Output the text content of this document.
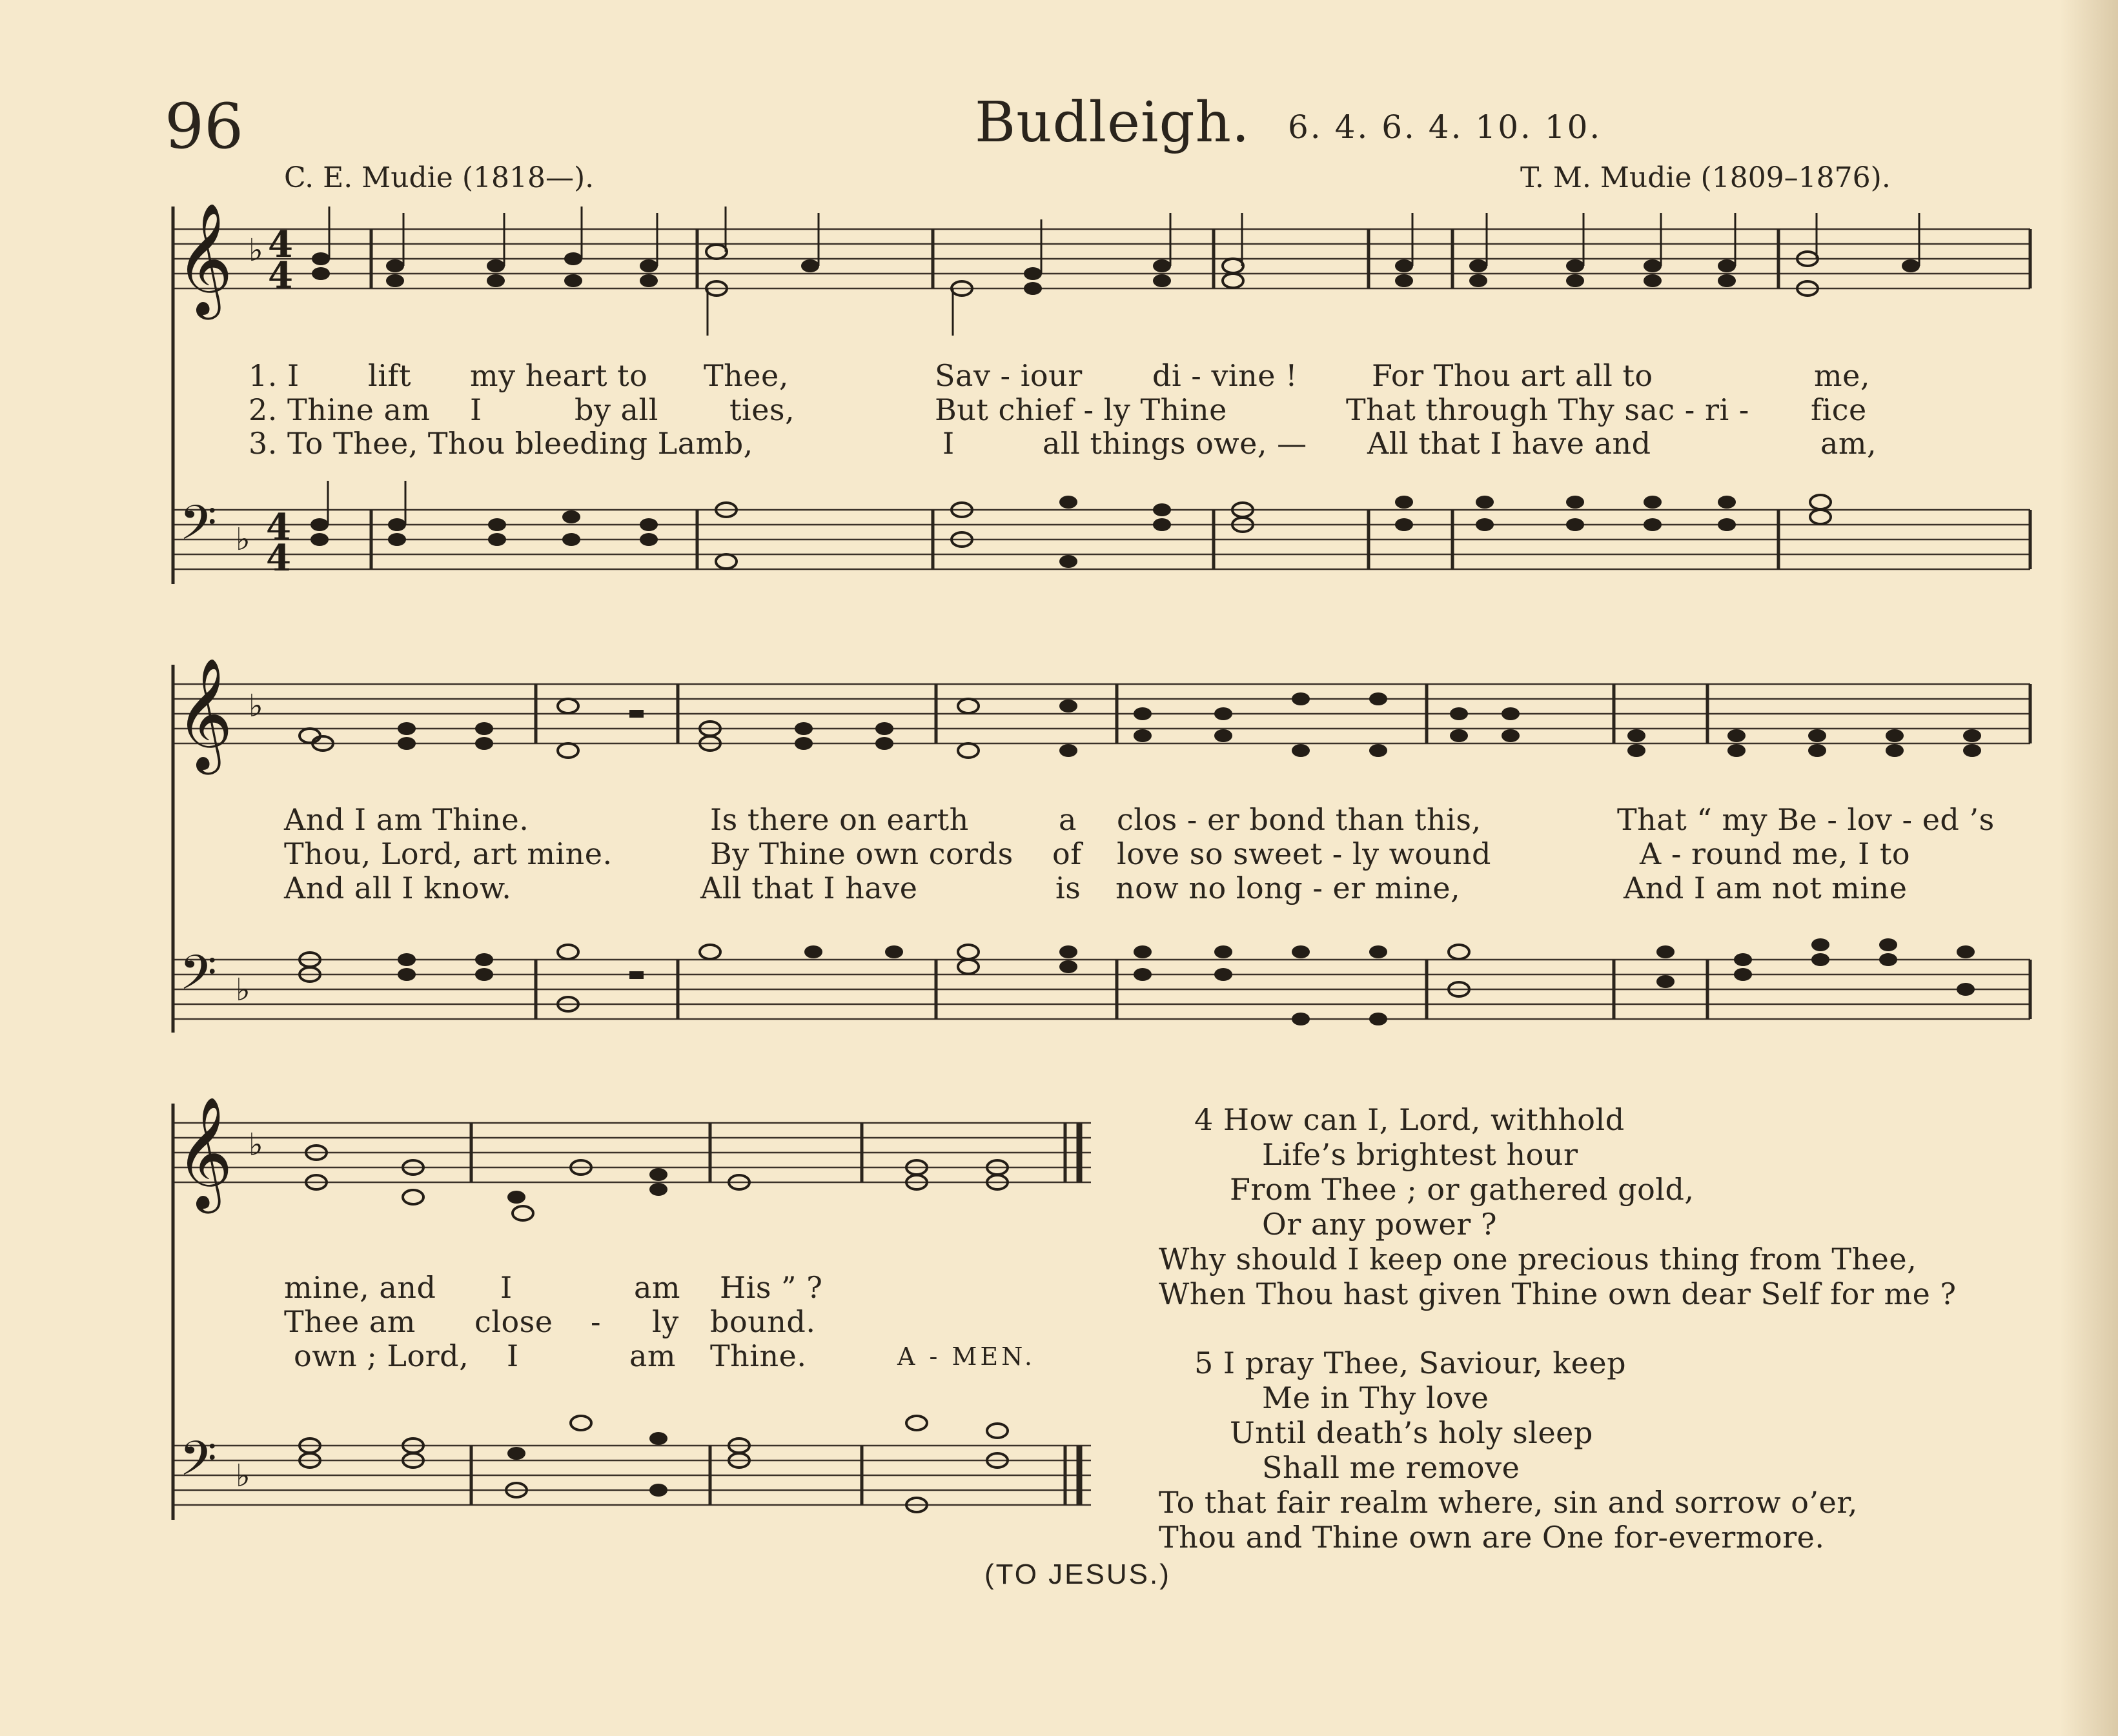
96	Budleigh. 6. 4. 6. 4. 10. 10.
C. E. Mudie (1818—).	T. M. Mudie (1809–1876).
𝄞
𝄢
♭
♭
4
4
4
4
𝄞
𝄢
♭
♭
𝄞
𝄢
♭
♭
1. I lift my heart to Thee,	Sav - iour di - vine ! For Thou art all to	me,
2. Thine am I	by all ties,	But chief - ly Thine	That through Thy sac - ri - fice
3. To Thee, Thou bleeding Lamb,	I	all things owe, — All that I have and	am,
And I am Thine.	Is there on earth	a clos - er bond than this,	That “ my Be - lov - ed ’s
Thou, Lord, art mine.	By Thine own cords of love so sweet - ly wound	A - round me, I to
And all I know.	All that I have	is now no long - er mine,	And I am not mine
mine, and I	am His ” ?
Thee am close - ly bound.
own ; Lord, I	am Thine.	A - MEN.
4 How can I, Lord, withhold
Life’s brightest hour
From Thee ; or gathered gold,
Or any power ?
Why should I keep one precious thing from Thee,
When Thou hast given Thine own dear Self for me ?
5 I pray Thee, Saviour, keep
Me in Thy love
Until death’s holy sleep
Shall me remove
To that fair realm where, sin and sorrow o’er,
Thou and Thine own are One for-evermore.
(TO JESUS.)
